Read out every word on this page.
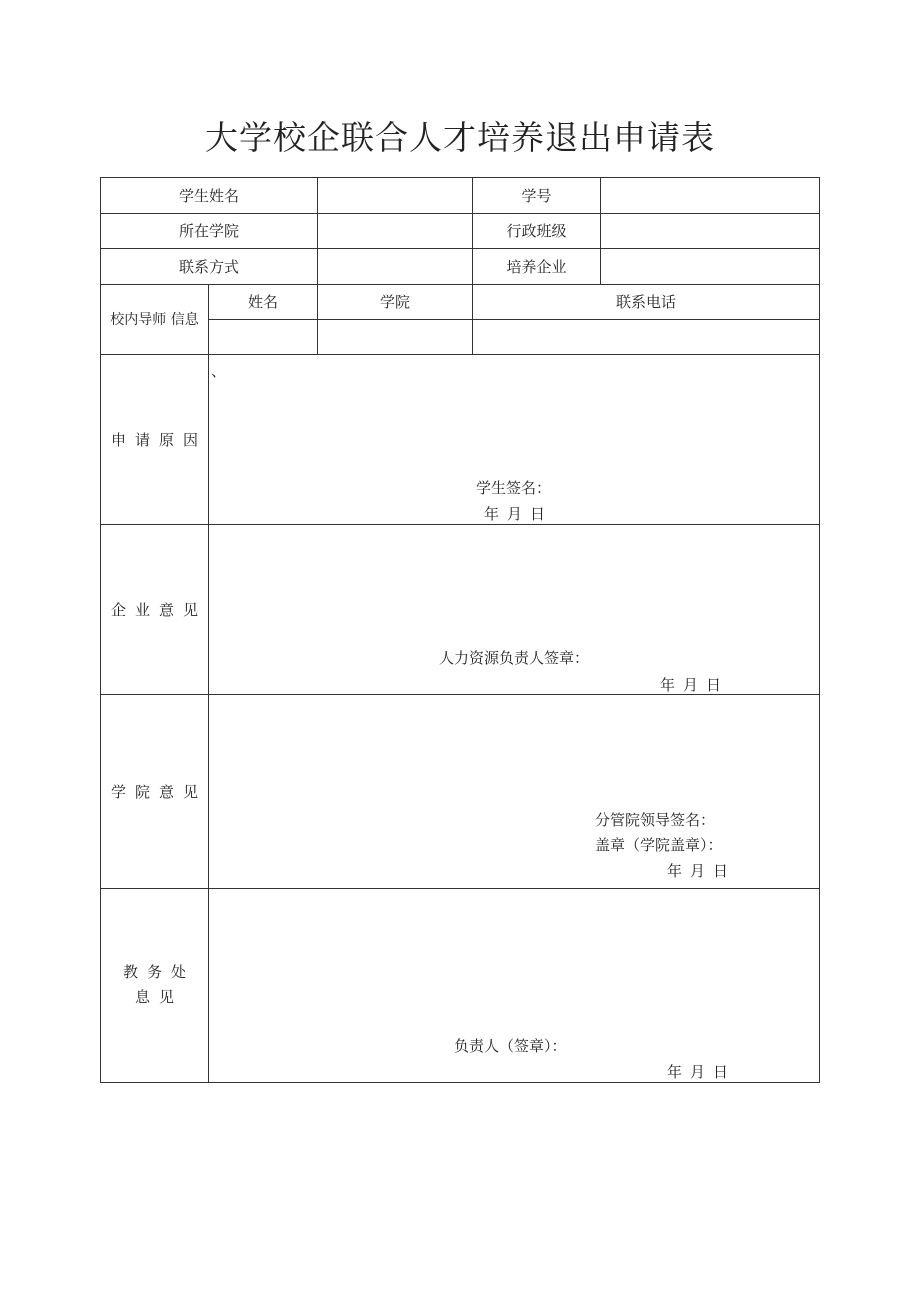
大学校企联合人才培养退出申请表
学生姓名	学号
所在学院	行政班级
联系方式	培养企业
校内导师 信息
姓名	学院	联系电话
申请原因
、
学生签名：
年月日
企业意见
人力资源负责人签章：
年月日
学院意见
分管院领导签名：
盖章（学院盖章）：
年月日
教务处
息见
负责人（签章）：
年月日
